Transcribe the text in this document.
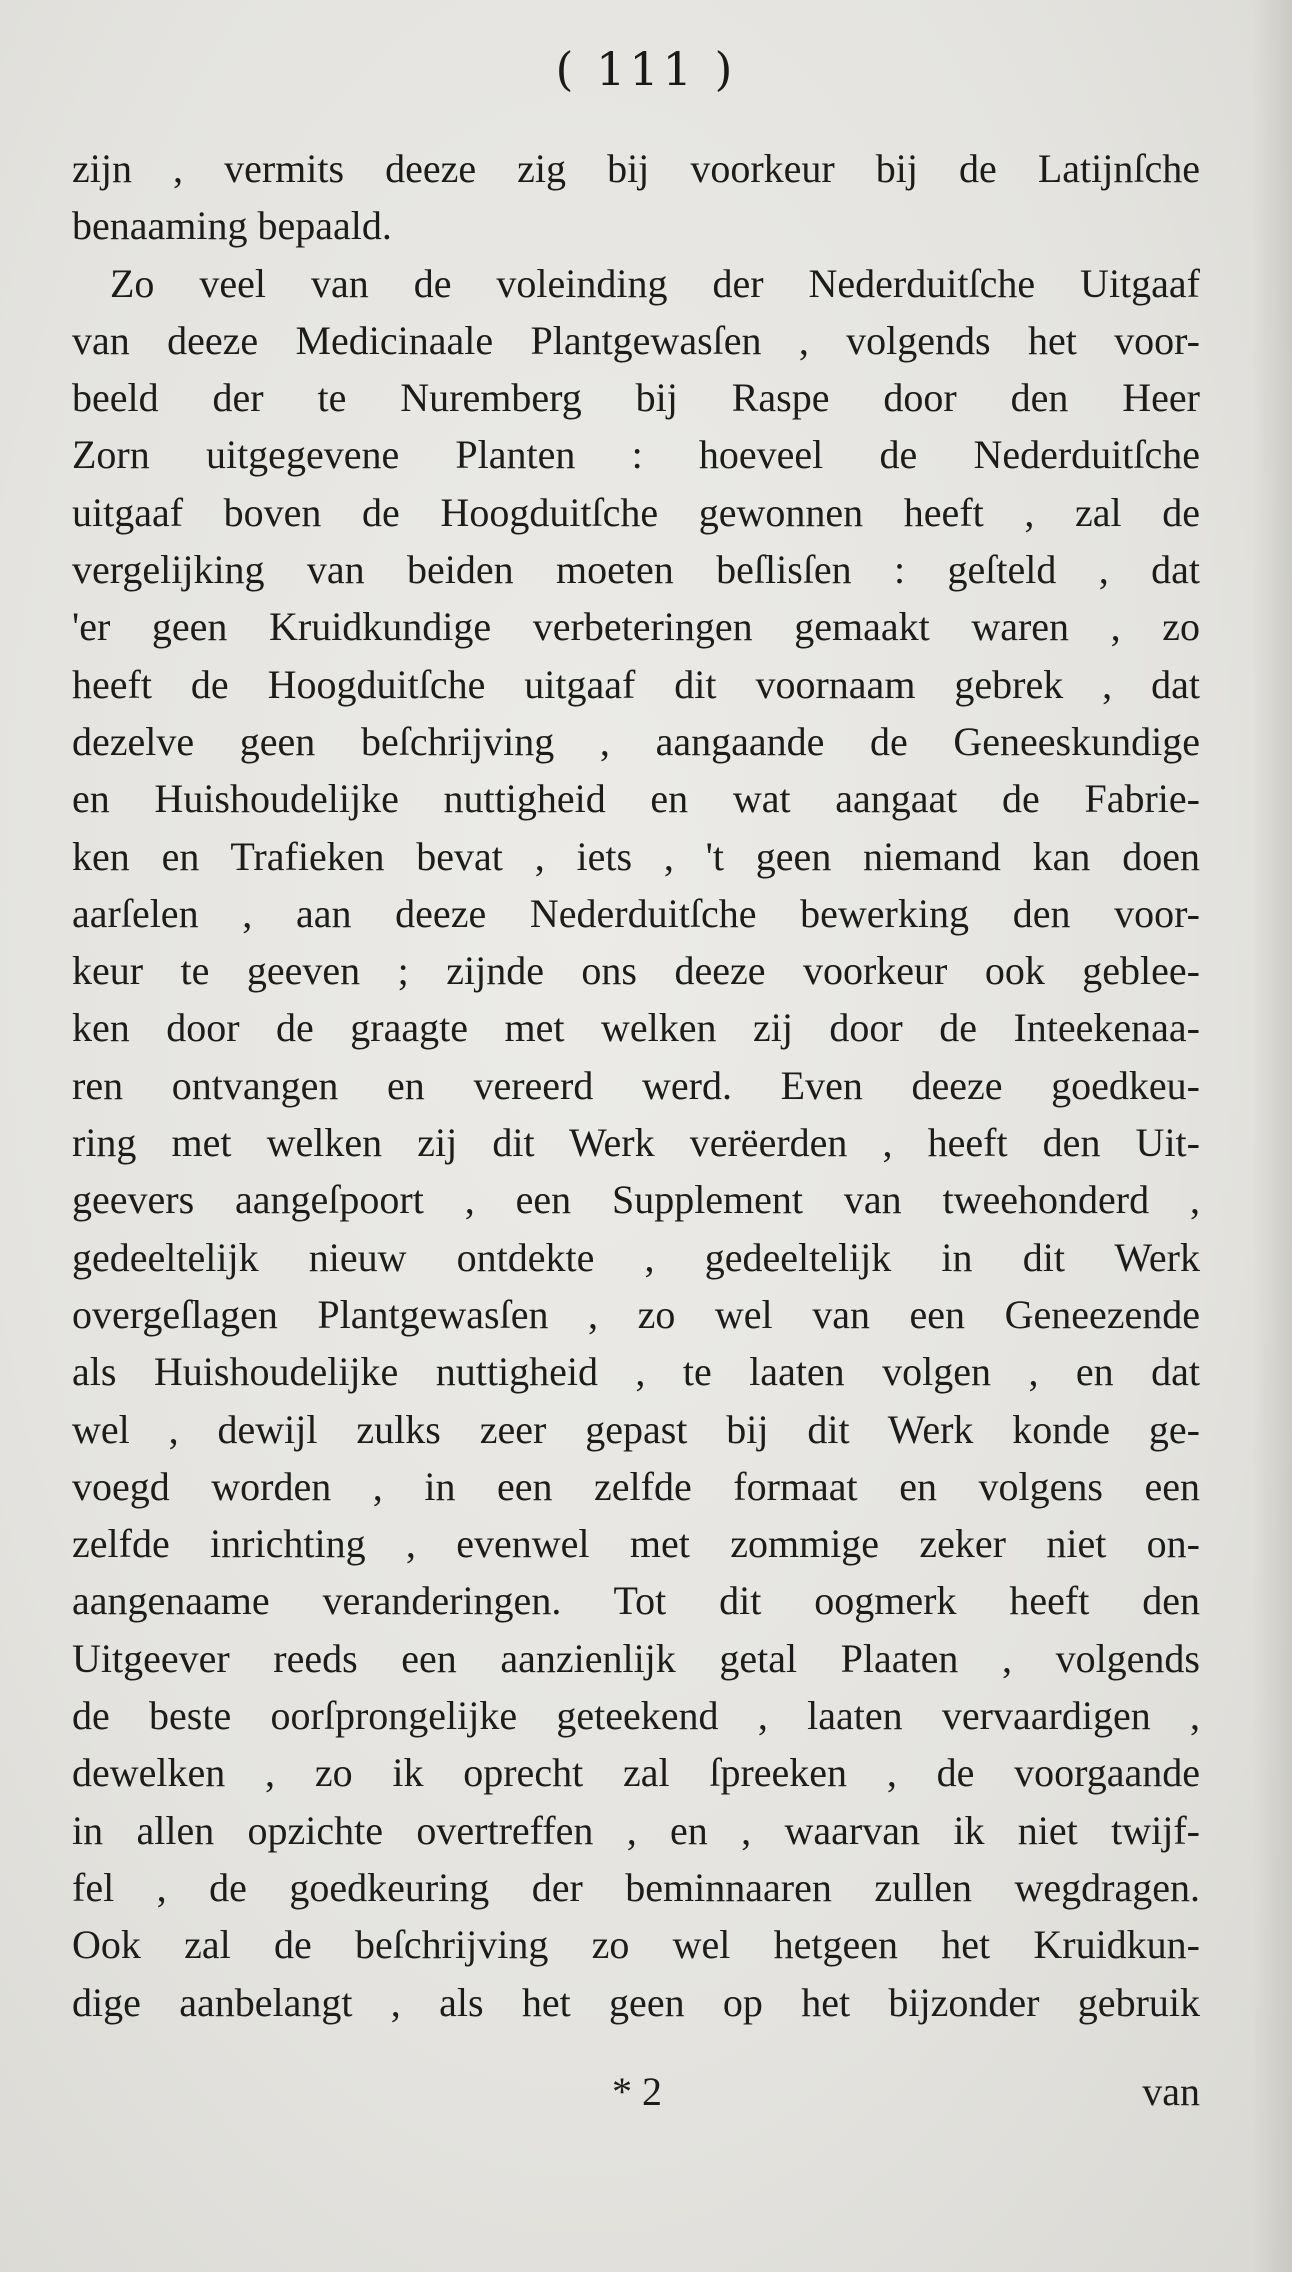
( 111 )
zijn , vermits deeze zig bij voorkeur bij de Latijnſche
benaaming bepaald.
Zo veel van de voleinding der Nederduitſche Uitgaaf
van deeze Medicinaale Plantgewasſen , volgends het voor-
beeld der te Nuremberg bij Raspe door den Heer
Zorn uitgegevene Planten : hoeveel de Nederduitſche
uitgaaf boven de Hoogduitſche gewonnen heeft , zal de
vergelijking van beiden moeten beſlisſen : geſteld , dat
'er geen Kruidkundige verbeteringen gemaakt waren , zo
heeft de Hoogduitſche uitgaaf dit voornaam gebrek , dat
dezelve geen beſchrijving , aangaande de Geneeskundige
en Huishoudelijke nuttigheid en wat aangaat de Fabrie-
ken en Trafieken bevat , iets , 't geen niemand kan doen
aarſelen , aan deeze Nederduitſche bewerking den voor-
keur te geeven ; zijnde ons deeze voorkeur ook geblee-
ken door de graagte met welken zij door de Inteekenaa-
ren ontvangen en vereerd werd. Even deeze goedkeu-
ring met welken zij dit Werk verëerden , heeft den Uit-
geevers aangeſpoort , een Supplement van tweehonderd ,
gedeeltelijk nieuw ontdekte , gedeeltelijk in dit Werk
overgeſlagen Plantgewasſen , zo wel van een Geneezende
als Huishoudelijke nuttigheid , te laaten volgen , en dat
wel , dewijl zulks zeer gepast bij dit Werk konde ge-
voegd worden , in een zelfde formaat en volgens een
zelfde inrichting , evenwel met zommige zeker niet on-
aangenaame veranderingen. Tot dit oogmerk heeft den
Uitgeever reeds een aanzienlijk getal Plaaten , volgends
de beste oorſprongelijke geteekend , laaten vervaardigen ,
dewelken , zo ik oprecht zal ſpreeken , de voorgaande
in allen opzichte overtreffen , en , waarvan ik niet twijf-
fel , de goedkeuring der beminnaaren zullen wegdragen.
Ook zal de beſchrijving zo wel hetgeen het Kruidkun-
dige aanbelangt , als het geen op het bijzonder gebruik
* 2	van
